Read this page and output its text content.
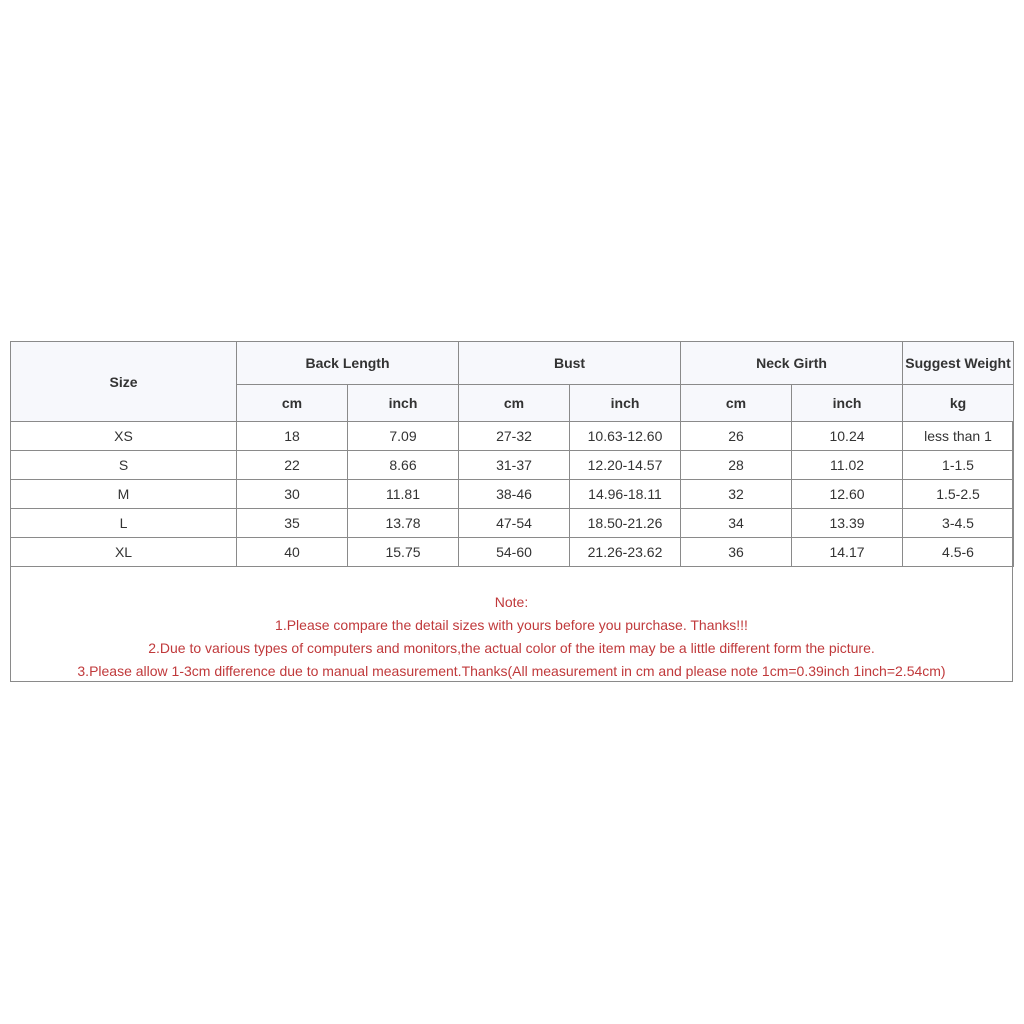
Size	Back Length		Bust		Neck Girth		Suggest Weight
	cm	inch	cm	inch	cm	inch	kg
XS	18	7.09	27-32	10.63-12.60	26	10.24	less than 1
S	22	8.66	31-37	12.20-14.57	28	11.02	1-1.5
M	30	11.81	38-46	14.96-18.11	32	12.60	1.5-2.5
L	35	13.78	47-54	18.50-21.26	34	13.39	3-4.5
XL	40	15.75	54-60	21.26-23.62	36	14.17	4.5-6
Note:
1.Please compare the detail sizes with yours before you purchase. Thanks!!!
2.Due to various types of computers and monitors,the actual color of the item may be a little different form the picture.
3.Please allow 1-3cm difference due to manual measurement.Thanks(All measurement in cm and please note 1cm=0.39inch 1inch=2.54cm)
